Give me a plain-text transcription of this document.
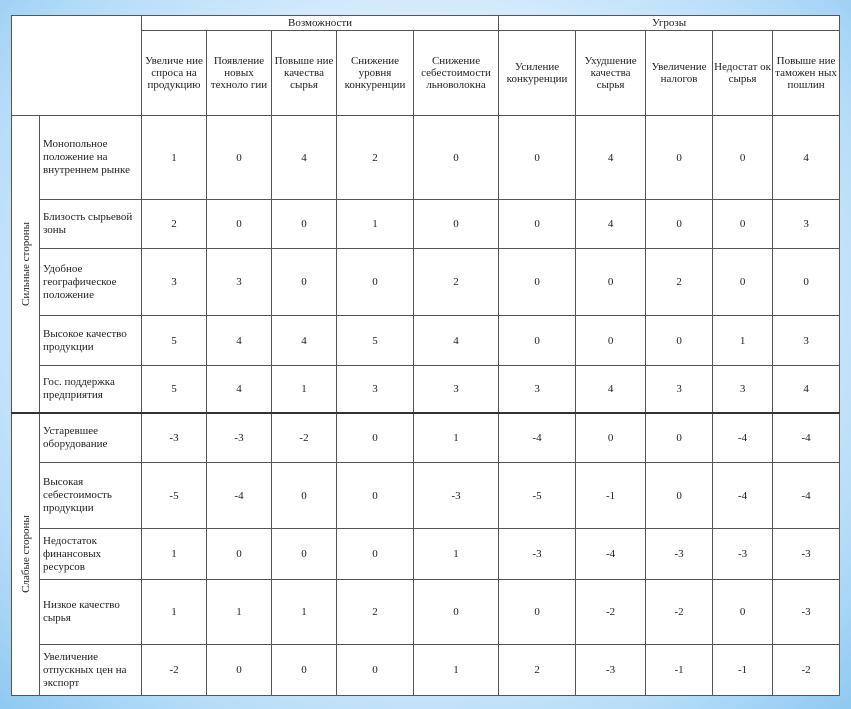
		Возможности					Угрозы				
		Увеличе ние спроса на продукцию	Появление новых техноло гии	Повыше ние качества сырья	Снижение уровня конкуренции	Снижение себестоимости льноволокна	Усиление конкуренции	Ухудшение качества сырья	Увеличение налогов	Недостат ок сырья	Повыше ние таможен ных пошлин

Сильные стороны	Монопольное положение на внутреннем рынке	1	0	4	2	0	0	4	0	0	4
	Близость сырьевой зоны	2	0	0	1	0	0	4	0	0	3
	Удобное географическое положение	3	3	0	0	2	0	0	2	0	0
	Высокое качество продукции	5	4	4	5	4	0	0	0	1	3
	Гос. поддержка предприятия	5	4	1	3	3	3	4	3	3	4

Слабые стороны	Устаревшее оборудование	-3	-3	-2	0	1	-4	0	0	-4	-4
	Высокая себестоимость продукции	-5	-4	0	0	-3	-5	-1	0	-4	-4
	Недостаток финансовых ресурсов	1	0	0	0	1	-3	-4	-3	-3	-3
	Низкое качество сырья	1	1	1	2	0	0	-2	-2	0	-3
	Увеличение отпускных цен на экспорт	-2	0	0	0	1	2	-3	-1	-1	-2
